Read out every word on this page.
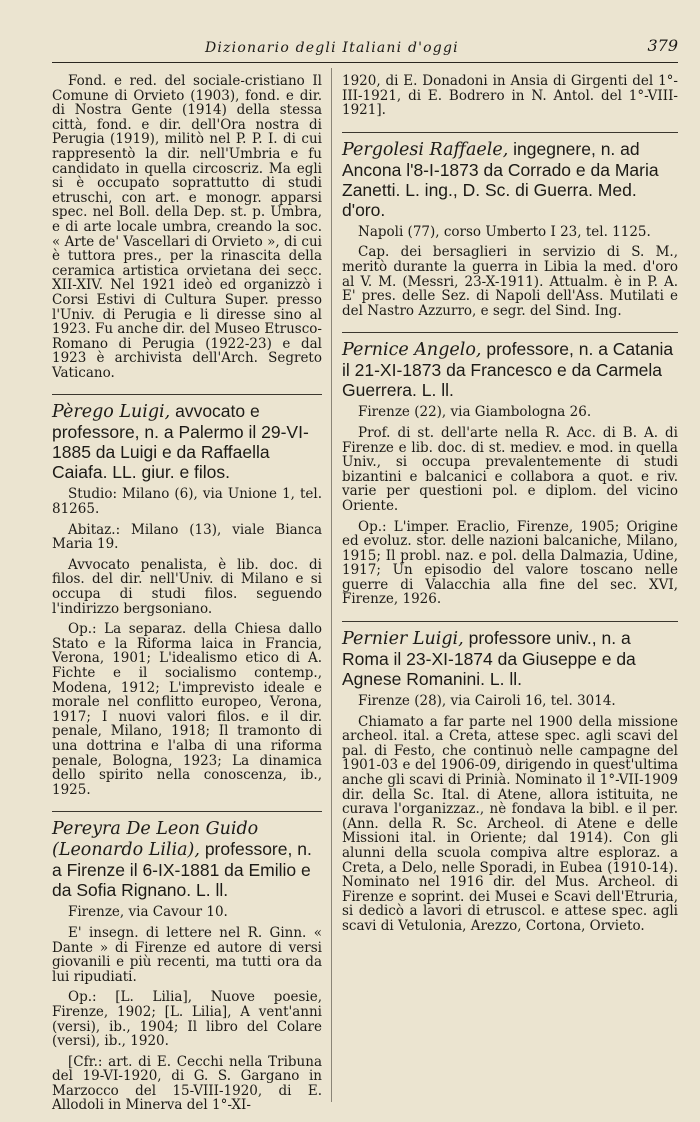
Dizionario degli Italiani d'oggi	379

Fond. e red. del sociale-cristiano Il Comune di Orvieto (1903), fond. e dir. di Nostra Gente (1914) della stessa città, fond. e dir. dell'Ora nostra di Perugia (1919), militò nel P. P. I. di cui rappresentò la dir. nell'Umbria e fu candidato in quella circoscriz. Ma egli si è occupato soprattutto di studi etruschi, con art. e monogr. apparsi spec. nel Boll. della Dep. st. p. Umbra, e di arte locale umbra, creando la soc. « Arte de' Vascellari di Orvieto », di cui è tuttora pres., per la rinascita della ceramica artistica orvietana dei secc. XII-XIV. Nel 1921 ideò ed organizzò i Corsi Estivi di Cultura Super. presso l'Univ. di Perugia e li diresse sino al 1923. Fu anche dir. del Museo Etrusco-Romano di Perugia (1922-23) e dal 1923 è archivista dell'Arch. Segreto Vaticano.

Pèrego Luigi, avvocato e professore, n. a Palermo il 29-VI-1885 da Luigi e da Raffaella Caiafa. LL. giur. e filos.

Studio: Milano (6), via Unione 1, tel. 81265.

Abitaz.: Milano (13), viale Bianca Maria 19.

Avvocato penalista, è lib. doc. di filos. del dir. nell'Univ. di Milano e si occupa di studi filos. seguendo l'indirizzo bergsoniano.

Op.: La separaz. della Chiesa dallo Stato e la Riforma laica in Francia, Verona, 1901; L'idealismo etico di A. Fichte e il socialismo contemp., Modena, 1912; L'imprevisto ideale e morale nel conflitto europeo, Verona, 1917; I nuovi valori filos. e il dir. penale, Milano, 1918; Il tramonto di una dottrina e l'alba di una riforma penale, Bologna, 1923; La dinamica dello spirito nella conoscenza, ib., 1925.

Pereyra De Leon Guido (Leonardo Lilia), professore, n. a Firenze il 6-IX-1881 da Emilio e da Sofia Rignano. L. ll.

Firenze, via Cavour 10.

E' insegn. di lettere nel R. Ginn. « Dante » di Firenze ed autore di versi giovanili e più recenti, ma tutti ora da lui ripudiati.

Op.: [L. Lilia], Nuove poesie, Firenze, 1902; [L. Lilia], A vent'anni (versi), ib., 1904; Il libro del Colare (versi), ib., 1920.

[Cfr.: art. di E. Cecchi nella Tribuna del 19-VI-1920, di G. S. Gargano in Marzocco del 15-VIII-1920, di E. Allodoli in Minerva del 1°-XI-

1920, di E. Donadoni in Ansia di Girgenti del 1°-III-1921, di E. Bodrero in N. Antol. del 1°-VIII-1921].

Pergolesi Raffaele, ingegnere, n. ad Ancona l'8-I-1873 da Corrado e da Maria Zanetti. L. ing., D. Sc. di Guerra. Med. d'oro.

Napoli (77), corso Umberto I 23, tel. 1125.

Cap. dei bersaglieri in servizio di S. M., meritò durante la guerra in Libia la med. d'oro al V. M. (Messri, 23-X-1911). Attualm. è in P. A. E' pres. delle Sez. di Napoli dell'Ass. Mutilati e del Nastro Azzurro, e segr. del Sind. Ing.

Pernice Angelo, professore, n. a Catania il 21-XI-1873 da Francesco e da Carmela Guerrera. L. ll.

Firenze (22), via Giambologna 26.

Prof. di st. dell'arte nella R. Acc. di B. A. di Firenze e lib. doc. di st. mediev. e mod. in quella Univ., si occupa prevalentemente di studi bizantini e balcanici e collabora a quot. e riv. varie per questioni pol. e diplom. del vicino Oriente.

Op.: L'imper. Eraclio, Firenze, 1905; Origine ed evoluz. stor. delle nazioni balcaniche, Milano, 1915; Il probl. naz. e pol. della Dalmazia, Udine, 1917; Un episodio del valore toscano nelle guerre di Valacchia alla fine del sec. XVI, Firenze, 1926.

Pernier Luigi, professore univ., n. a Roma il 23-XI-1874 da Giuseppe e da Agnese Romanini. L. ll.

Firenze (28), via Cairoli 16, tel. 3014.

Chiamato a far parte nel 1900 della missione archeol. ital. a Creta, attese spec. agli scavi del pal. di Festo, che continuò nelle campagne del 1901-03 e del 1906-09, dirigendo in quest'ultima anche gli scavi di Prinià. Nominato il 1°-VII-1909 dir. della Sc. Ital. di Atene, allora istituita, ne curava l'organizzaz., nè fondava la bibl. e il per. (Ann. della R. Sc. Archeol. di Atene e delle Missioni ital. in Oriente; dal 1914). Con gli alunni della scuola compiva altre esploraz. a Creta, a Delo, nelle Sporadi, in Eubea (1910-14). Nominato nel 1916 dir. del Mus. Archeol. di Firenze e soprint. dei Musei e Scavi dell'Etruria, si dedicò a lavori di etruscol. e attese spec. agli scavi di Vetulonia, Arezzo, Cortona, Orvieto.
